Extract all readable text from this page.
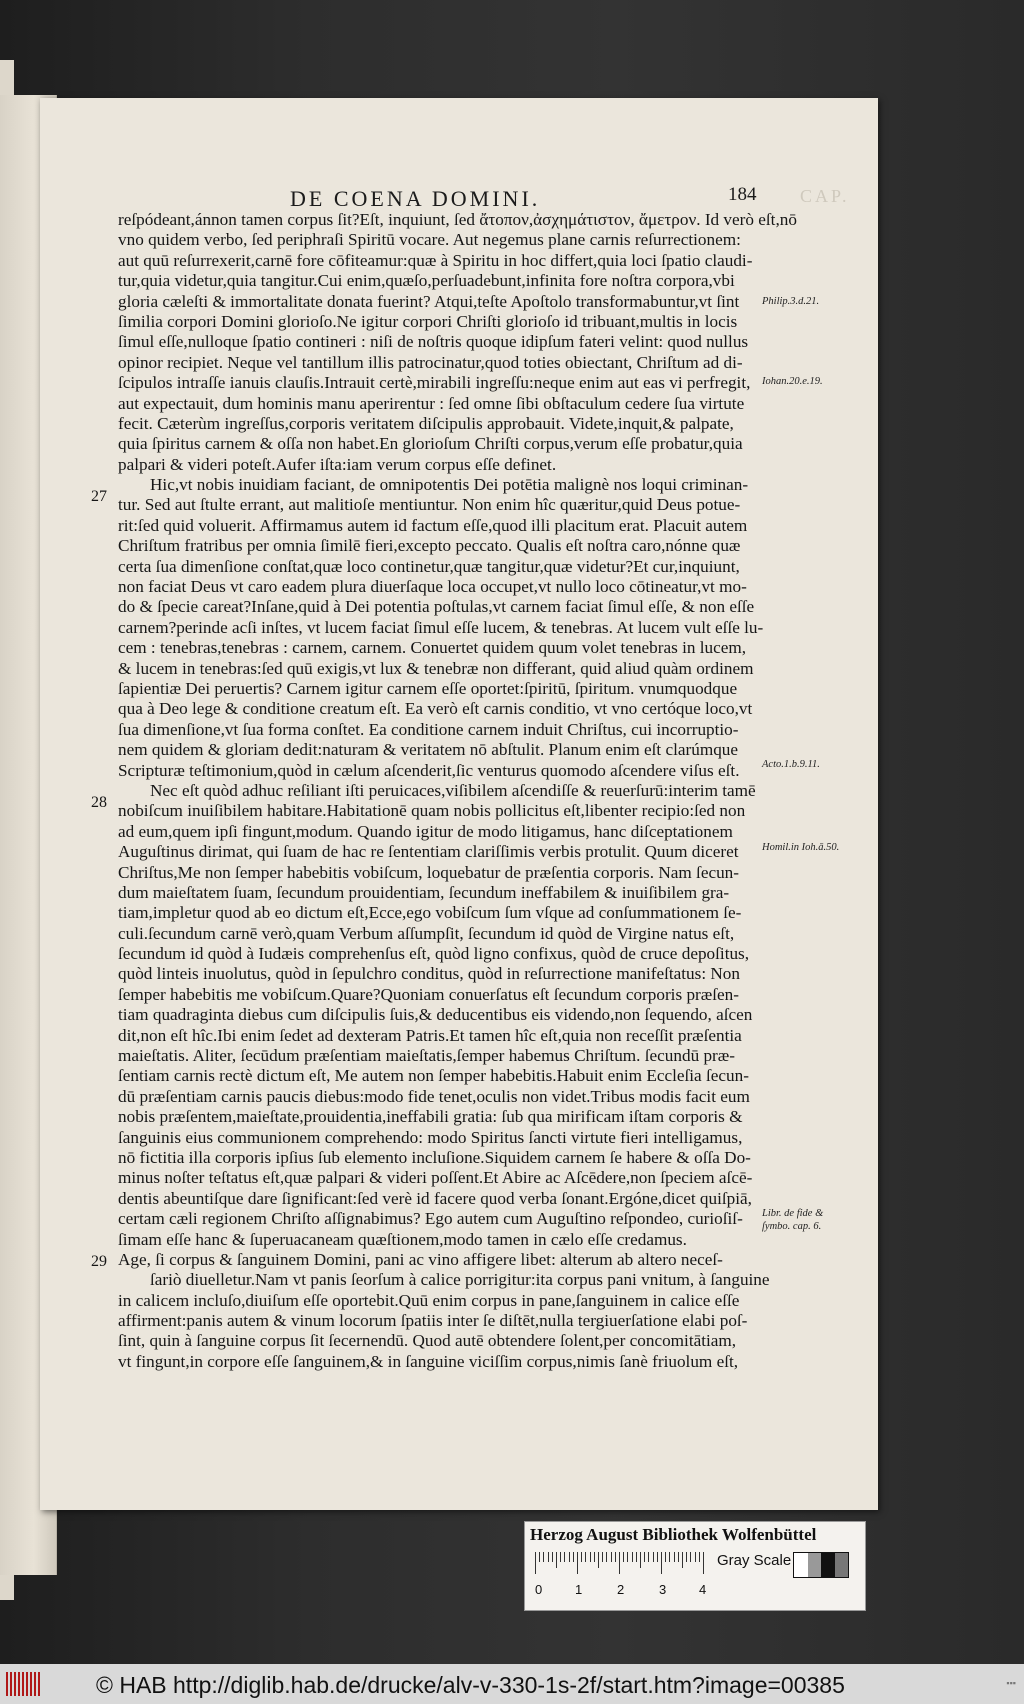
DE COENA DOMINI.	184 CAP.
27
28
29
Philip.3.d.21.
Iohan.20.e.19.
Acto.1.b.9.11.
Homil.in Ioh.ā.50.
Libr. de fide & ſymbo. cap. 6.
reſpódeant,ánnon tamen corpus ſit?Eſt, inquiunt, ſed ἄτοπον,ἀσχημάτιστον, ἄμετρον. Id verò eſt,nō
vno quidem verbo, ſed periphraſi Spiritū vocare. Aut negemus plane carnis reſurrectionem:
aut quū reſurrexerit,carnē fore cōfiteamur:quæ à Spiritu in hoc differt,quia loci ſpatio claudi-
tur,quia videtur,quia tangitur.Cui enim,quæſo,perſuadebunt,infinita fore noſtra corpora,vbi
gloria cæleſti & immortalitate donata fuerint? Atqui,teſte Apoſtolo transformabuntur,vt ſint
ſimilia corpori Domini glorioſo.Ne igitur corpori Chriſti glorioſo id tribuant,multis in locis
ſimul eſſe,nulloque ſpatio contineri : niſi de noſtris quoque idipſum fateri velint: quod nullus
opinor recipiet. Neque vel tantillum illis patrocinatur,quod toties obiectant, Chriſtum ad di-
ſcipulos intraſſe ianuis clauſis.Intrauit certè,mirabili ingreſſu:neque enim aut eas vi perfregit,
aut expectauit, dum hominis manu aperirentur : ſed omne ſibi obſtaculum cedere ſua virtute
fecit. Cæterùm ingreſſus,corporis veritatem diſcipulis approbauit. Videte,inquit,& palpate,
quia ſpiritus carnem & oſſa non habet.En glorioſum Chriſti corpus,verum eſſe probatur,quia
palpari & videri poteſt.Aufer iſta:iam verum corpus eſſe definet.
Hic,vt nobis inuidiam faciant, de omnipotentis Dei potētia malignè nos loqui criminan-
tur. Sed aut ſtulte errant, aut malitioſe mentiuntur. Non enim hîc quæritur,quid Deus potue-
rit:ſed quid voluerit. Affirmamus autem id factum eſſe,quod illi placitum erat. Placuit autem
Chriſtum fratribus per omnia ſimilē fieri,excepto peccato. Qualis eſt noſtra caro,nónne quæ
certa ſua dimenſione conſtat,quæ loco continetur,quæ tangitur,quæ videtur?Et cur,inquiunt,
non faciat Deus vt caro eadem plura diuerſaque loca occupet,vt nullo loco cōtineatur,vt mo-
do & ſpecie careat?Inſane,quid à Dei potentia poſtulas,vt carnem faciat ſimul eſſe, & non eſſe
carnem?perinde acſi inſtes, vt lucem faciat ſimul eſſe lucem, & tenebras. At lucem vult eſſe lu-
cem : tenebras,tenebras : carnem, carnem. Conuertet quidem quum volet tenebras in lucem,
& lucem in tenebras:ſed quū exigis,vt lux & tenebræ non differant, quid aliud quàm ordinem
ſapientiæ Dei peruertis? Carnem igitur carnem eſſe oportet:ſpiritū, ſpiritum. vnumquodque
qua à Deo lege & conditione creatum eſt. Ea verò eſt carnis conditio, vt vno certóque loco,vt
ſua dimenſione,vt ſua forma conſtet. Ea conditione carnem induit Chriſtus, cui incorruptio-
nem quidem & gloriam dedit:naturam & veritatem nō abſtulit. Planum enim eſt clarúmque
Scripturæ teſtimonium,quòd in cælum aſcenderit,ſic venturus quomodo aſcendere viſus eſt.
Nec eſt quòd adhuc reſiliant iſti peruicaces,viſibilem aſcendiſſe & reuerſurū:interim tamē
nobiſcum inuiſibilem habitare.Habitationē quam nobis pollicitus eſt,libenter recipio:ſed non
ad eum,quem ipſi fingunt,modum. Quando igitur de modo litigamus, hanc diſceptationem
Auguſtinus dirimat, qui ſuam de hac re ſententiam clariſſimis verbis protulit. Quum diceret
Chriſtus,Me non ſemper habebitis vobiſcum, loquebatur de præſentia corporis. Nam ſecun-
dum maieſtatem ſuam, ſecundum prouidentiam, ſecundum ineffabilem & inuiſibilem gra-
tiam,impletur quod ab eo dictum eſt,Ecce,ego vobiſcum ſum vſque ad conſummationem ſe-
culi.ſecundum carnē verò,quam Verbum aſſumpſit, ſecundum id quòd de Virgine natus eſt,
ſecundum id quòd à Iudæis comprehenſus eſt, quòd ligno confixus, quòd de cruce depoſitus,
quòd linteis inuolutus, quòd in ſepulchro conditus, quòd in reſurrectione manifeſtatus: Non
ſemper habebitis me vobiſcum.Quare?Quoniam conuerſatus eſt ſecundum corporis præſen-
tiam quadraginta diebus cum diſcipulis ſuis,& deducentibus eis videndo,non ſequendo, aſcen
dit,non eſt hîc.Ibi enim ſedet ad dexteram Patris.Et tamen hîc eſt,quia non receſſit præſentia
maieſtatis. Aliter, ſecūdum præſentiam maieſtatis,ſemper habemus Chriſtum. ſecundū præ-
ſentiam carnis rectè dictum eſt, Me autem non ſemper habebitis.Habuit enim Eccleſia ſecun-
dū præſentiam carnis paucis diebus:modo fide tenet,oculis non videt.Tribus modis facit eum
nobis præſentem,maieſtate,prouidentia,ineffabili gratia: ſub qua mirificam iſtam corporis &
ſanguinis eius communionem comprehendo: modo Spiritus ſancti virtute fieri intelligamus,
nō fictitia illa corporis ipſius ſub elemento incluſione.Siquidem carnem ſe habere & oſſa Do-
minus noſter teſtatus eſt,quæ palpari & videri poſſent.Et Abire ac Aſcēdere,non ſpeciem aſcē-
dentis abeuntiſque dare ſignificant:ſed verè id facere quod verba ſonant.Ergóne,dicet quiſpiā,
certam cæli regionem Chriſto aſſignabimus? Ego autem cum Auguſtino reſpondeo, curioſiſ-
ſimam eſſe hanc & ſuperuacaneam quæſtionem,modo tamen in cælo eſſe credamus.
Age, ſi corpus & ſanguinem Domini, pani ac vino affigere libet: alterum ab altero neceſ-
ſariò diuelletur.Nam vt panis ſeorſum à calice porrigitur:ita corpus pani vnitum, à ſanguine
in calicem incluſo,diuiſum eſſe oportebit.Quū enim corpus in pane,ſanguinem in calice eſſe
affirment:panis autem & vinum locorum ſpatiis inter ſe diſtēt,nulla tergiuerſatione elabi poſ-
ſint, quin à ſanguine corpus ſit ſecernendū. Quod autē obtendere ſolent,per concomitātiam,
vt fingunt,in corpore eſſe ſanguinem,& in ſanguine viciſſim corpus,nimis ſanè friuolum eſt,
Herzog August Bibliothek Wolfenbüttel
0	1	2	3	4
Gray Scale
© HAB http://diglib.hab.de/drucke/alv-v-330-1s-2f/start.htm?image=00385	▪▪▪
